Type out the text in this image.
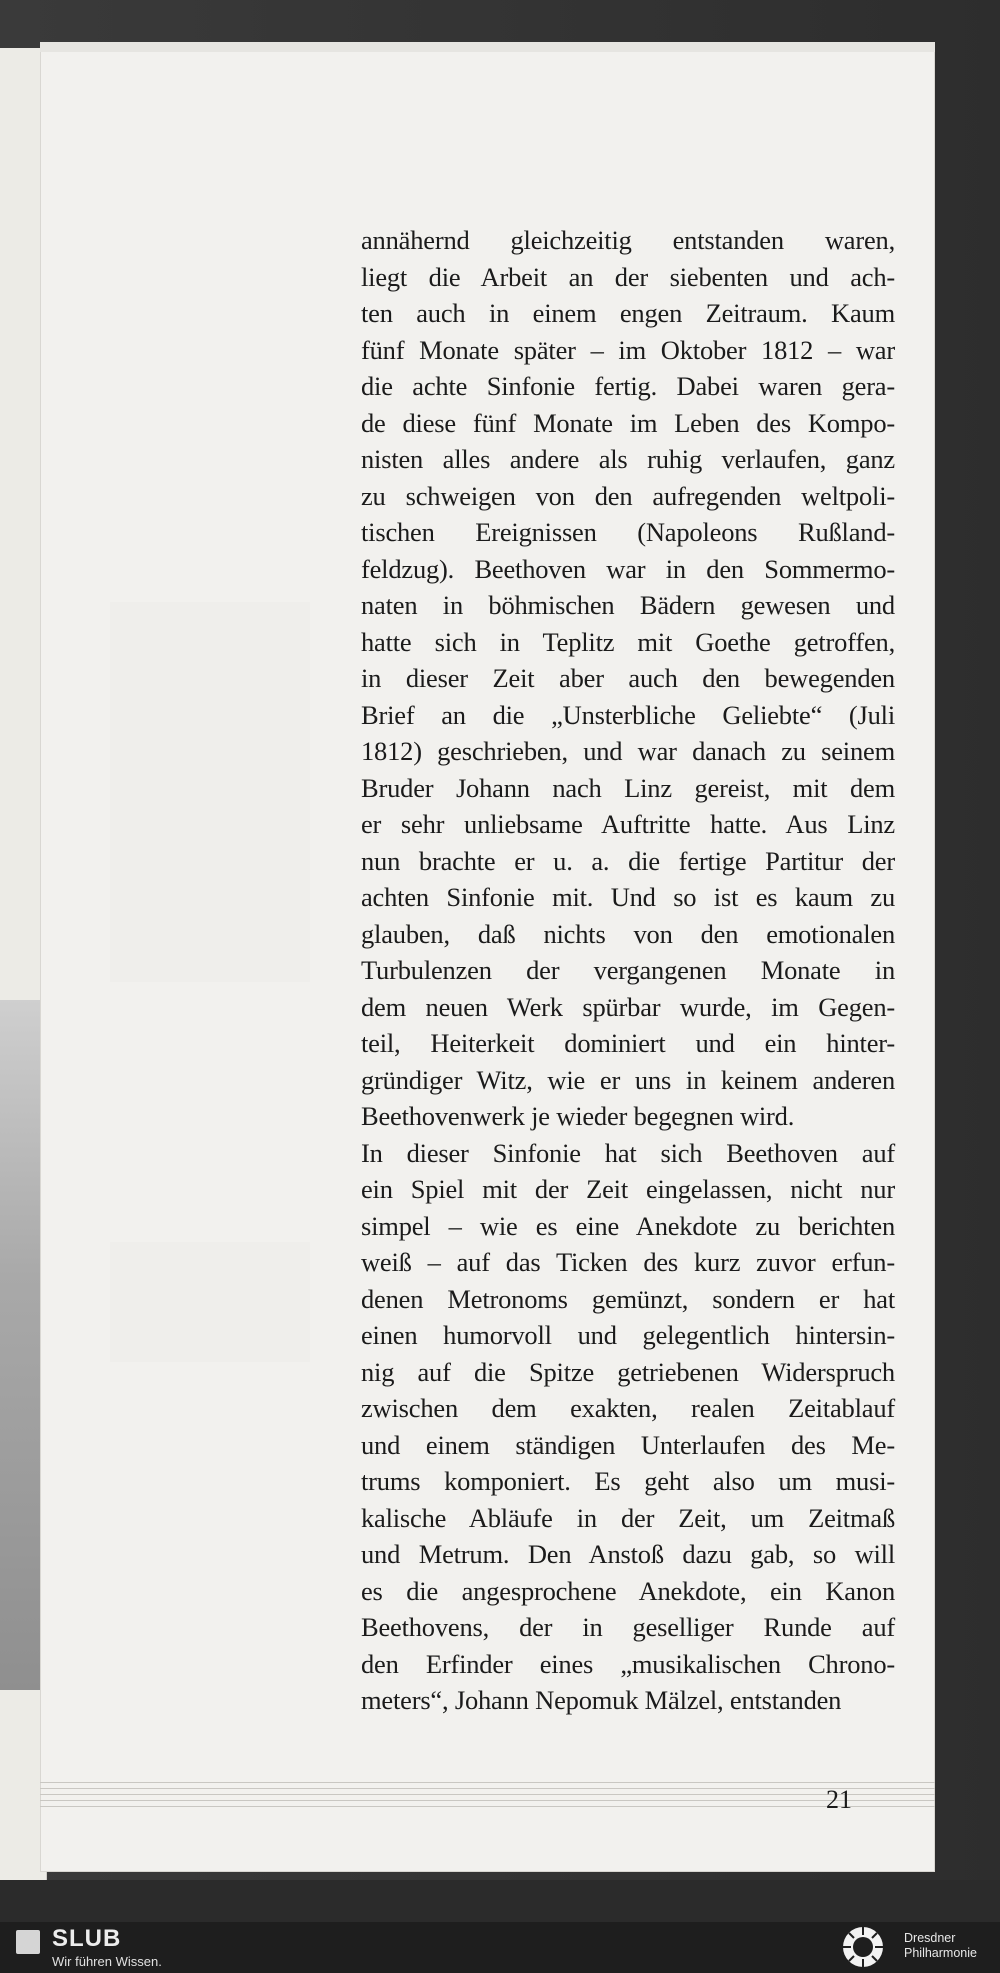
annähernd gleichzeitig entstanden waren,
liegt die Arbeit an der siebenten und ach-
ten auch in einem engen Zeitraum. Kaum
fünf Monate später – im Oktober 1812 – war
die achte Sinfonie fertig. Dabei waren gera-
de diese fünf Monate im Leben des Kompo-
nisten alles andere als ruhig verlaufen, ganz
zu schweigen von den aufregenden weltpoli-
tischen Ereignissen (Napoleons Rußland-
feldzug). Beethoven war in den Sommermo-
naten in böhmischen Bädern gewesen und
hatte sich in Teplitz mit Goethe getroffen,
in dieser Zeit aber auch den bewegenden
Brief an die „Unsterbliche Geliebte“ (Juli
1812) geschrieben, und war danach zu seinem
Bruder Johann nach Linz gereist, mit dem
er sehr unliebsame Auftritte hatte. Aus Linz
nun brachte er u. a. die fertige Partitur der
achten Sinfonie mit. Und so ist es kaum zu
glauben, daß nichts von den emotionalen
Turbulenzen der vergangenen Monate in
dem neuen Werk spürbar wurde, im Gegen-
teil, Heiterkeit dominiert und ein hinter-
gründiger Witz, wie er uns in keinem anderen
Beethovenwerk je wieder begegnen wird.
In dieser Sinfonie hat sich Beethoven auf
ein Spiel mit der Zeit eingelassen, nicht nur
simpel – wie es eine Anekdote zu berichten
weiß – auf das Ticken des kurz zuvor erfun-
denen Metronoms gemünzt, sondern er hat
einen humorvoll und gelegentlich hintersin-
nig auf die Spitze getriebenen Widerspruch
zwischen dem exakten, realen Zeitablauf
und einem ständigen Unterlaufen des Me-
trums komponiert. Es geht also um musi-
kalische Abläufe in der Zeit, um Zeitmaß
und Metrum. Den Anstoß dazu gab, so will
es die angesprochene Anekdote, ein Kanon
Beethovens, der in geselliger Runde auf
den Erfinder eines „musikalischen Chrono-
meters“, Johann Nepomuk Mälzel, entstanden
21
SLUB
Wir führen Wissen.
Dresdner
Philharmonie
